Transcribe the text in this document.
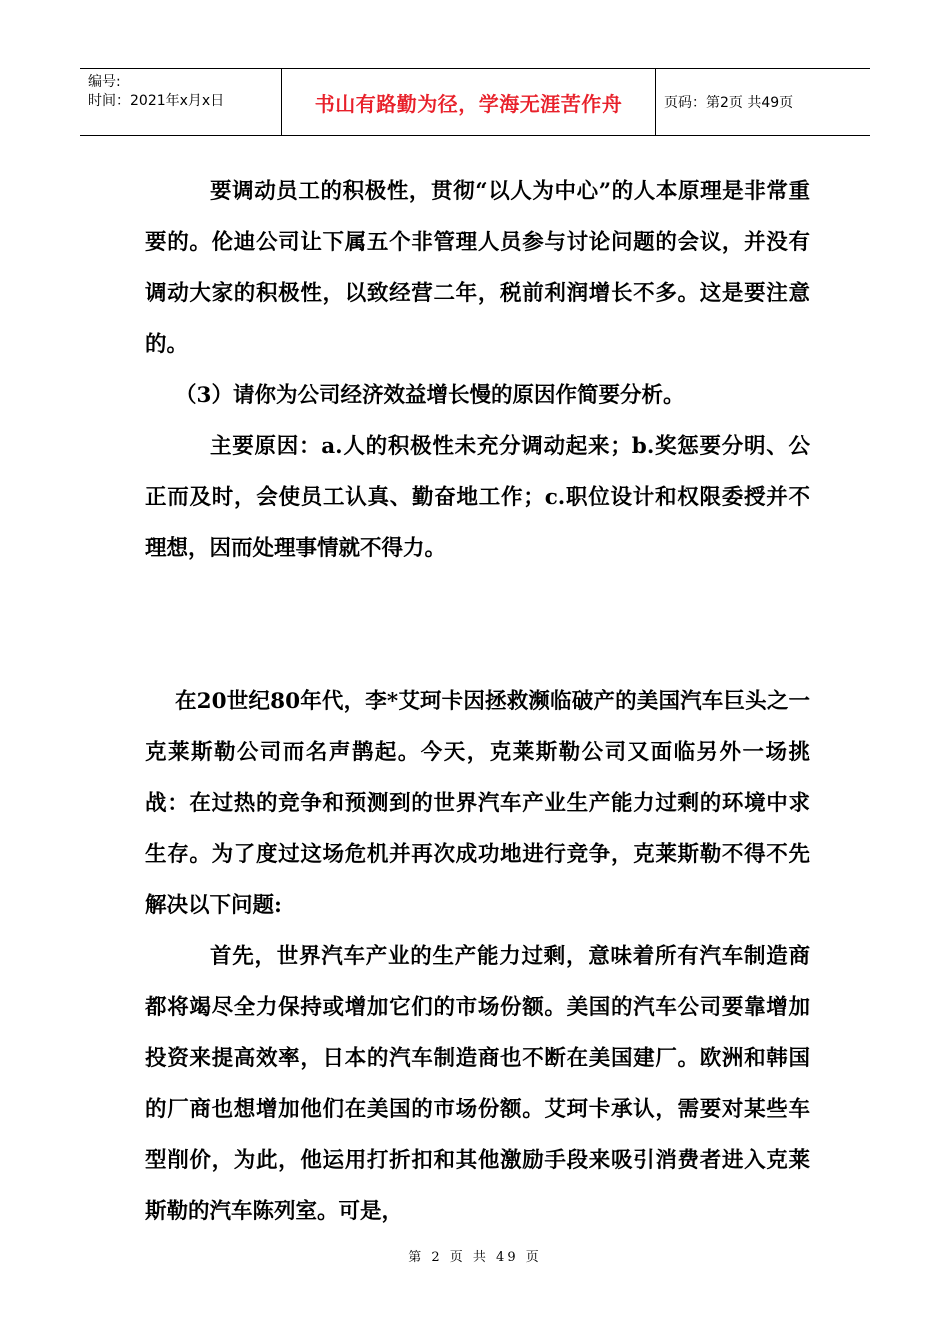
编号:
时间：2021年x月x日	书山有路勤为径，学海无涯苦作舟	页码：第2页 共49页

要调动员工的积极性，贯彻“以人为中心”的人本原理是非常重要的。伦迪公司让下属五个非管理人员参与讨论问题的会议，并没有调动大家的积极性，以致经营二年，税前利润增长不多。这是要注意的。

（3）请你为公司经济效益增长慢的原因作简要分析。

主要原因：a.人的积极性未充分调动起来；b.奖惩要分明、公正而及时，会使员工认真、勤奋地工作；c.职位设计和权限委授并不理想，因而处理事情就不得力。

在20世纪80年代，李*艾珂卡因拯救濒临破产的美国汽车巨头之一克莱斯勒公司而名声鹊起。今天，克莱斯勒公司又面临另外一场挑战：在过热的竞争和预测到的世界汽车产业生产能力过剩的环境中求生存。为了度过这场危机并再次成功地进行竞争，克莱斯勒不得不先解决以下问题:

首先，世界汽车产业的生产能力过剩，意味着所有汽车制造商都将竭尽全力保持或增加它们的市场份额。美国的汽车公司要靠增加投资来提高效率，日本的汽车制造商也不断在美国建厂。欧洲和韩国的厂商也想增加他们在美国的市场份额。艾珂卡承认，需要对某些车型削价，为此，他运用打折扣和其他激励手段来吸引消费者进入克莱斯勒的汽车陈列室。可是，

第 2 页 共 49 页
